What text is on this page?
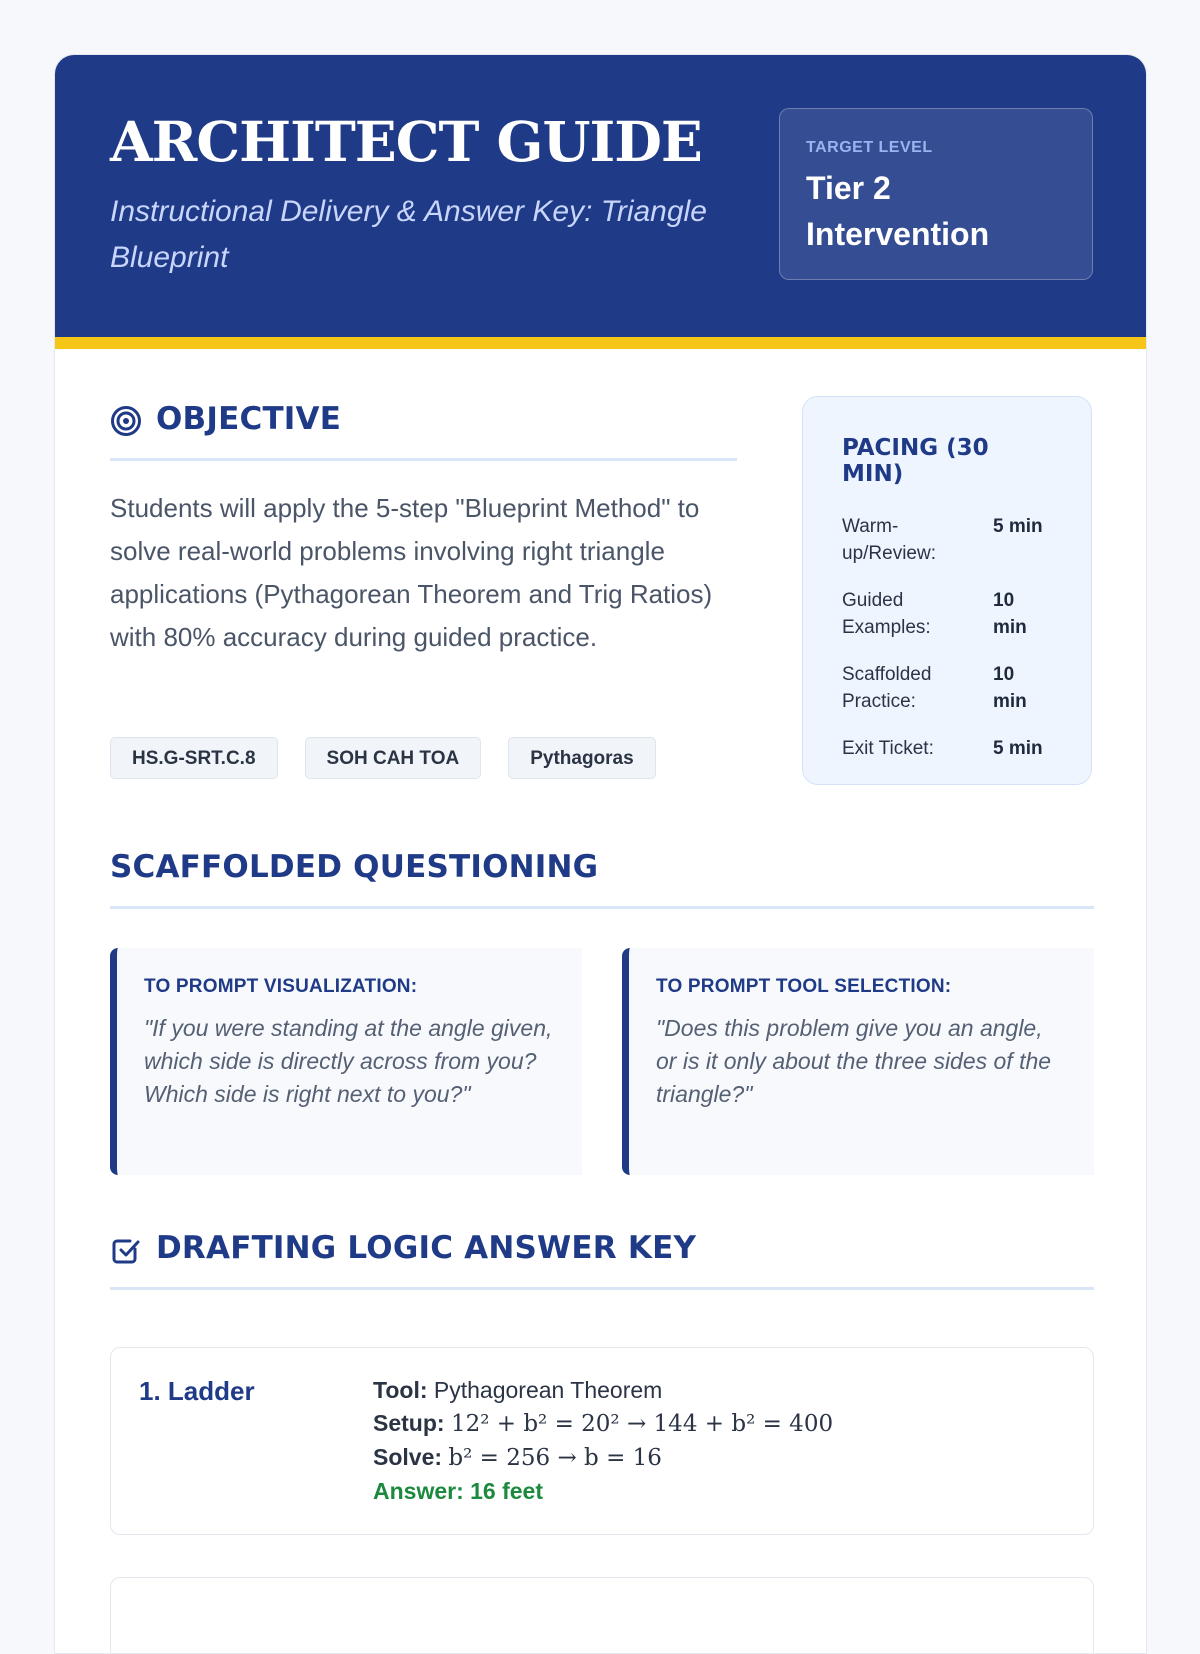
ARCHITECT GUIDE

Instructional Delivery & Answer Key: Triangle Blueprint

TARGET LEVEL
Tier 2 Intervention
OBJECTIVE

Students will apply the 5-step "Blueprint Method" to solve real-world problems involving right triangle applications (Pythagorean Theorem and Trig Ratios) with 80% accuracy during guided practice.

HS.G-SRT.C.8	SOH CAH TOA	Pythagoras
PACING (30 MIN)
Warm-up/Review:
5 min
Guided Examples:
10 min
Scaffolded Practice:
10 min
Exit Ticket:	5 min
SCAFFOLDED QUESTIONING
TO PROMPT VISUALIZATION:
"If you were standing at the angle given, which side is directly across from you? Which side is right next to you?"
TO PROMPT TOOL SELECTION:
"Does this problem give you an angle, or is it only about the three sides of the triangle?"
DRAFTING LOGIC ANSWER KEY
1. Ladder	Tool: Pythagorean Theorem
Setup: 12² + b² = 20² → 144 + b² = 400
Solve: b² = 256 → b = 16
Answer: 16 feet
